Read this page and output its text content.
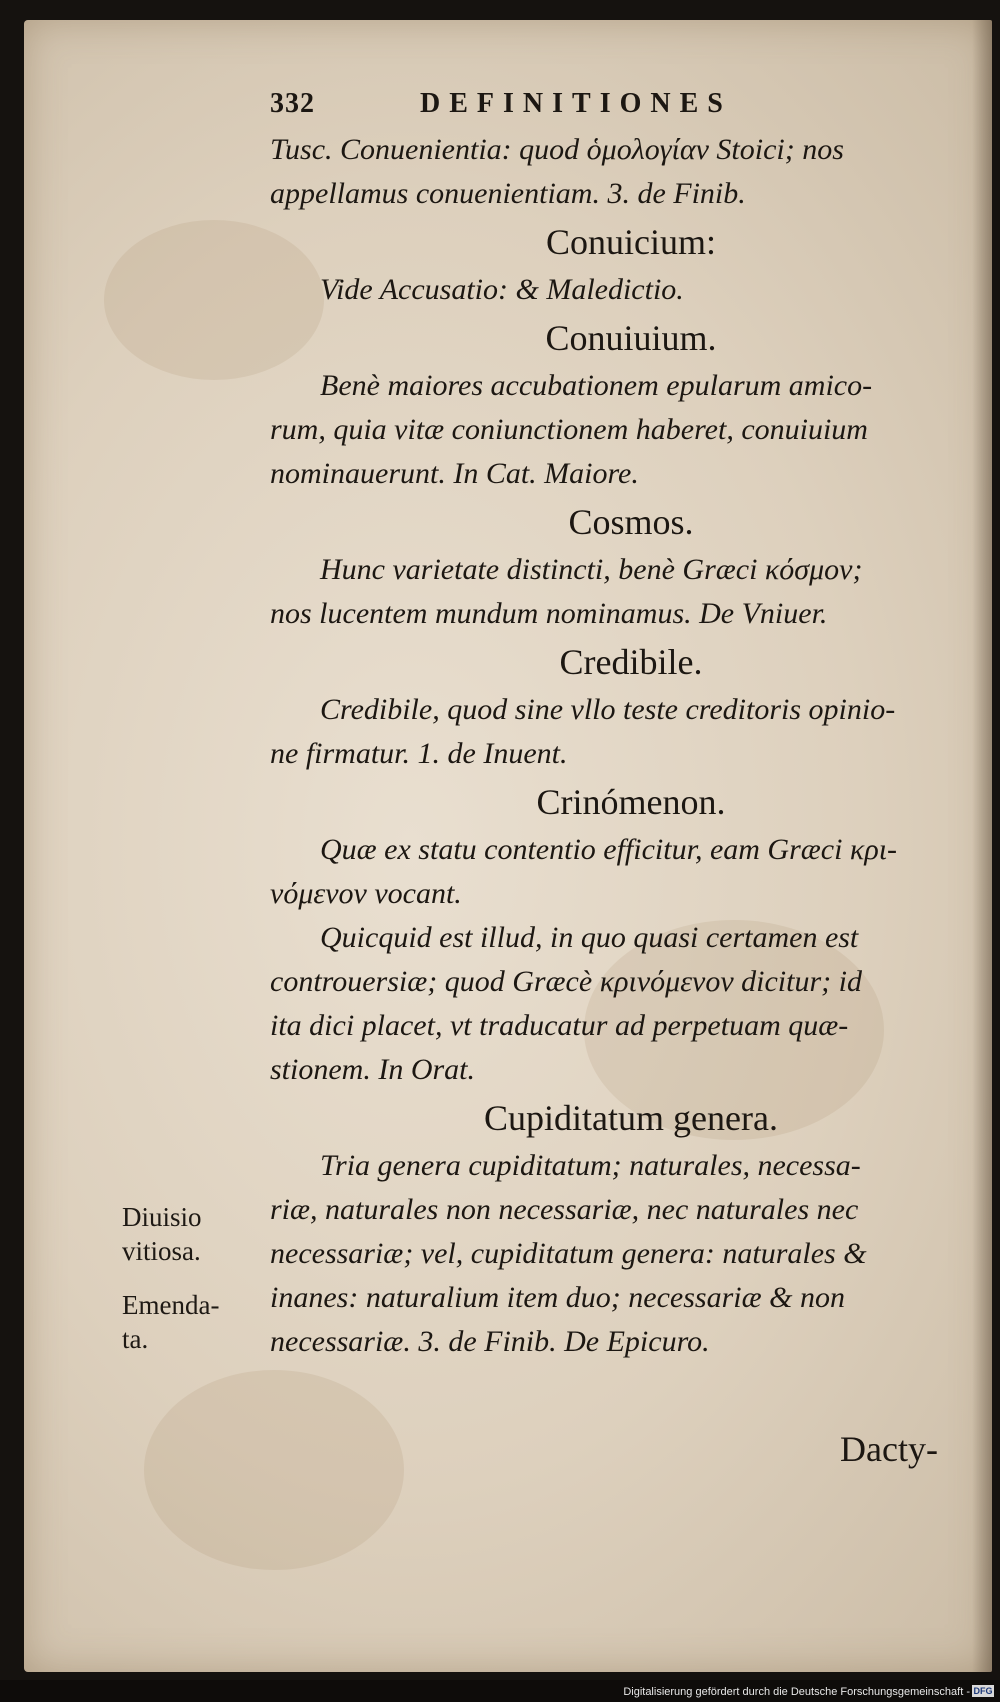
332	DEFINITIONES
Tusc. Conuenientia: quod ὁμολογίαν Stoici; nos
appellamus conuenientiam. 3. de Finib.
Conuicium:
Vide Accusatio: & Maledictio.
Conuiuium.
Benè maiores accubationem epularum amico-
rum, quia vitæ coniunctionem haberet, conuiuium
nominauerunt. In Cat. Maiore.
Cosmos.
Hunc varietate distincti, benè Græci κόσμον;
nos lucentem mundum nominamus. De Vniuer.
Credibile.
Credibile, quod sine vllo teste creditoris opinio-
ne firmatur. 1. de Inuent.
Crinómenon.
Quæ ex statu contentio efficitur, eam Græci κρι-
νόμενον vocant.
Quicquid est illud, in quo quasi certamen est
controuersiæ; quod Græcè κρινόμενον dicitur; id
ita dici placet, vt traducatur ad perpetuam quæ-
stionem. In Orat.
Cupiditatum genera.
Tria genera cupiditatum; naturales, necessa-
riæ, naturales non necessariæ, nec naturales nec
necessariæ; vel, cupiditatum genera: naturales &
inanes: naturalium item duo; necessariæ & non
necessariæ. 3. de Finib. De Epicuro.
Diuisio
vitiosa.
Emenda-
ta.
Dacty-
Digitalisierung gefördert durch die Deutsche Forschungsgemeinschaft - DFG
